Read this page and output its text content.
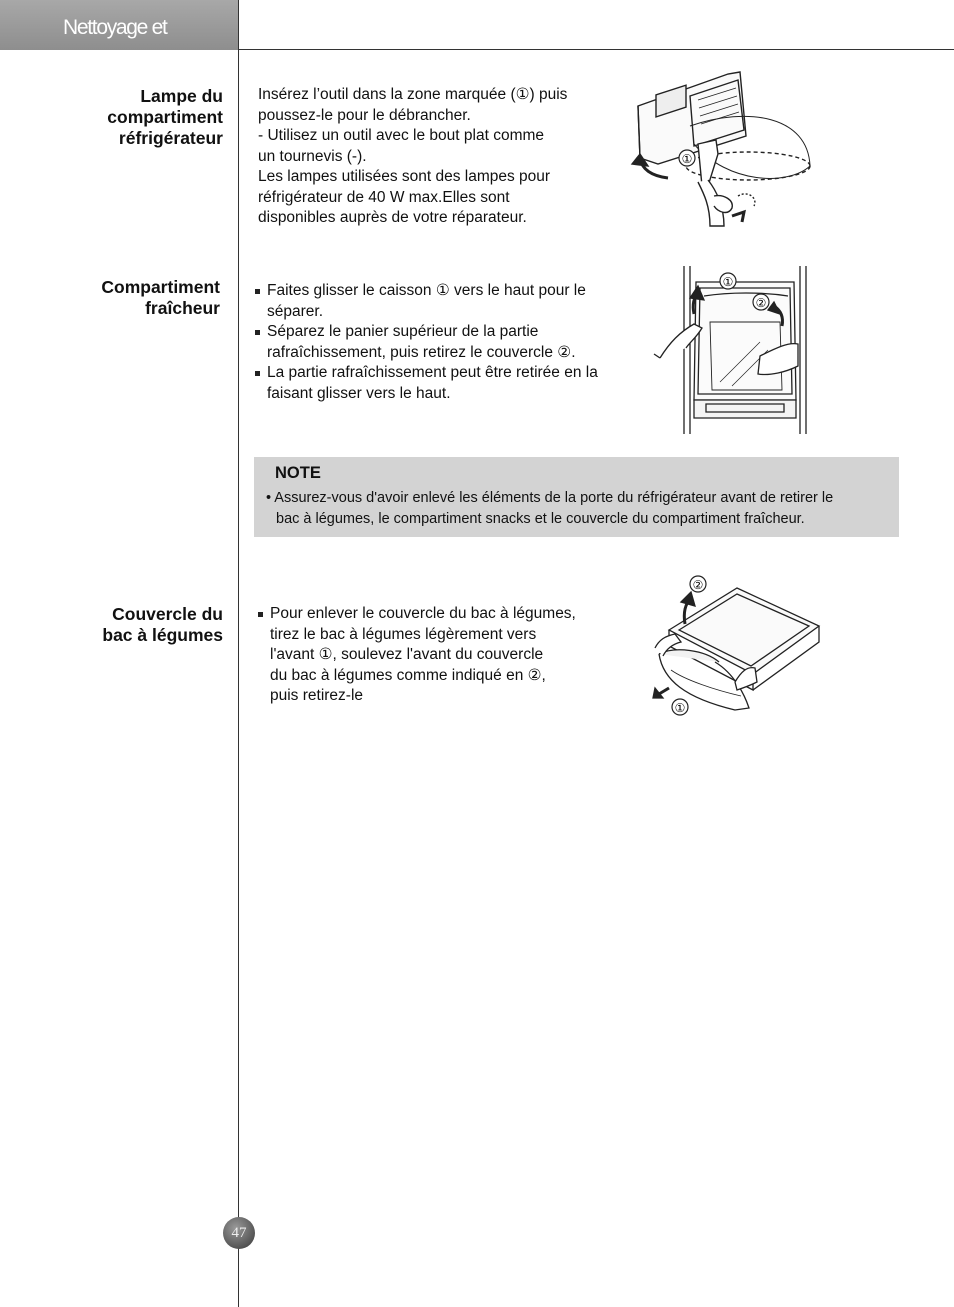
Nettoyage et entretien
Lampe du
compartiment
réfrigérateur
Insérez l’outil dans la zone marquée (①) puis
poussez-le pour le débrancher.
- Utilisez un outil avec le bout plat comme
un tournevis (-).
Les lampes utilisées sont des lampes pour
réfrigérateur de 40 W max.Elles sont
disponibles auprès de votre réparateur.
①
Compartiment
fraîcheur
Faites glisser le caisson ① vers le haut pour le
séparer.
Séparez le panier supérieur de la partie
rafraîchissement, puis retirez le couvercle ②.
La partie rafraîchissement peut être retirée en la
faisant glisser vers le haut.
①
②
NOTE
• Assurez-vous d'avoir enlevé les éléments de la porte du réfrigérateur avant de retirer le
bac à légumes, le compartiment snacks et le couvercle du compartiment fraîcheur.
Couvercle du
bac à légumes
Pour enlever le couvercle du bac à légumes,
tirez le bac à légumes légèrement vers
l'avant ①, soulevez l'avant du couvercle
du bac à légumes comme indiqué en ②,
puis retirez-le
②
①
47
